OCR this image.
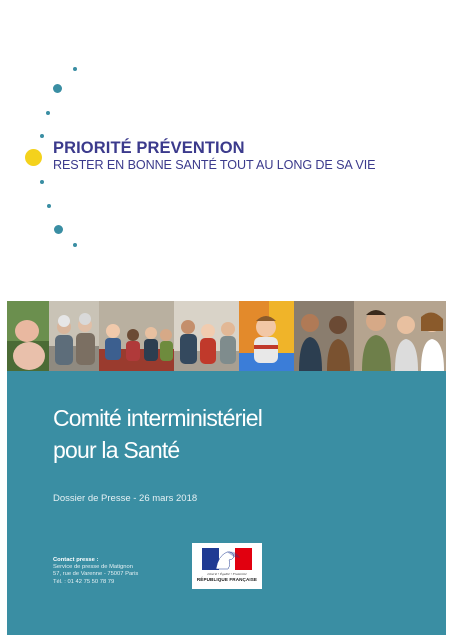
PRIORITÉ PRÉVENTION
RESTER EN BONNE SANTÉ TOUT AU LONG DE SA VIE
Comité interministériel
pour la Santé
Dossier de Presse - 26 mars 2018
Contact presse :
Service de presse de Matignon
57, rue de Varenne - 75007 Paris
Tél. : 01 42 75 50 78 79
Liberté • Égalité • Fraternité
RÉPUBLIQUE FRANÇAISE
